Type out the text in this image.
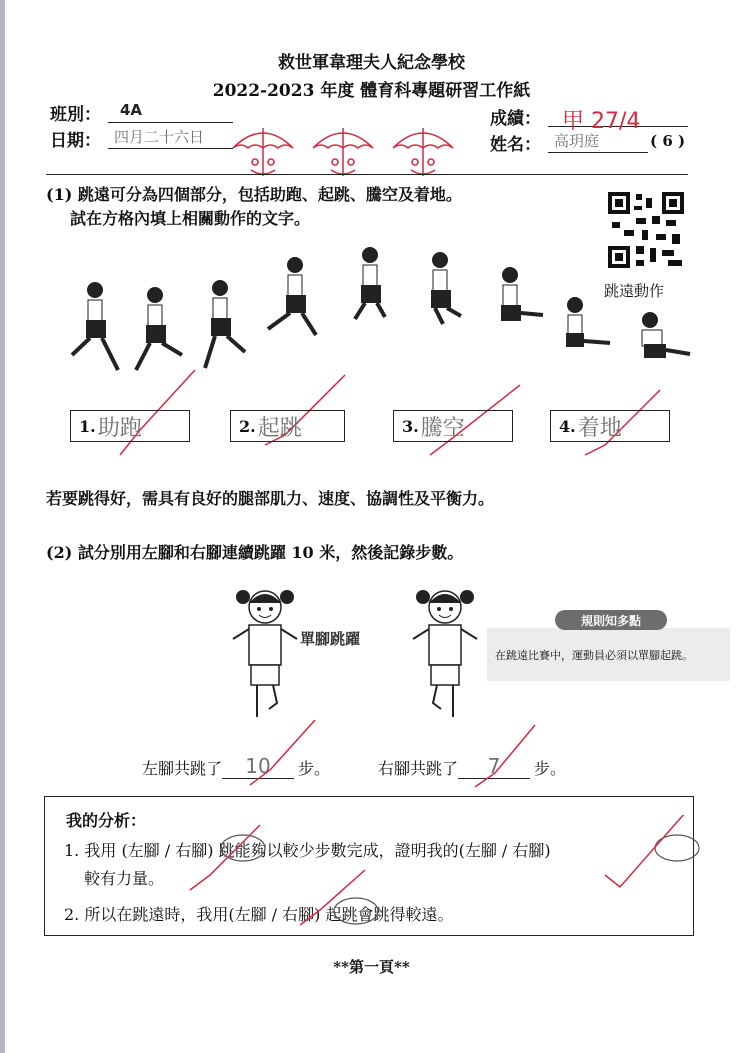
救世軍韋理夫人紀念學校
2022-2023 年度 體育科專題研習工作紙
班別：	4A
日期： 四月二十六日
成績： 甲 27/4
姓名： 高玥庭	( 6 )
(1) 跳遠可分為四個部分，包括助跑、起跳、騰空及着地。
試在方格內填上相關動作的文字。
跳遠動作
1. 助跑	2. 起跳	3. 騰空	4. 着地
若要跳得好，需具有良好的腿部肌力、速度、協調性及平衡力。
(2) 試分別用左腳和右腳連續跳躍 10 米，然後記錄步數。
單腳跳躍
在跳遠比賽中，運動員必須以單腳起跳。
規則知多點
左腳共跳了	10	步。	右腳共跳了	7	步。
我的分析：
1. 我用 (左腳 / 右腳) 跳能夠以較少步數完成，證明我的(左腳 / 右腳)
較有力量。
2. 所以在跳遠時，我用(左腳 / 右腳) 起跳會跳得較遠。
**第一頁**
